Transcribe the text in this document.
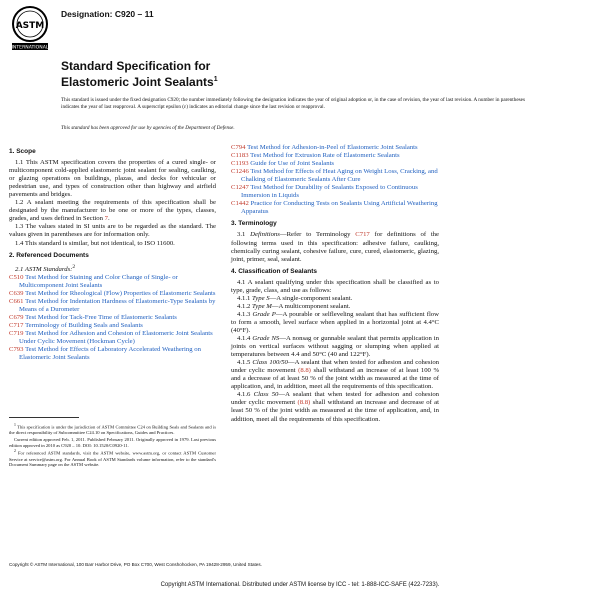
ASTM
INTERNATIONAL
Designation: C920 – 11
Standard Specification for
Elastomeric Joint Sealants$^1$
This standard is issued under the fixed designation C920; the number immediately following the designation indicates the year of original adoption or, in the case of revision, the year of last revision. A number in parentheses indicates the year of last reapproval. A superscript epsilon (ε) indicates an editorial change since the last revision or reapproval.
This standard has been approved for use by agencies of the Department of Defense.
1. Scope

1.1 This ASTM specification covers the properties of a cured single- or multicomponent cold-applied elastomeric joint sealant for sealing, caulking, or glazing operations on buildings, plazas, and decks for vehicular or pedestrian use, and types of construction other than highway and airfield pavements and bridges.

1.2 A sealant meeting the requirements of this specification shall be designated by the manufacturer to be one or more of the types, classes, grades, and uses defined in Section 7.

1.3 The values stated in SI units are to be regarded as the standard. The values given in parentheses are for information only.

1.4 This standard is similar, but not identical, to ISO 11600.

2. Referenced Documents

2.1 ASTM Standards:$^2$

C510 Test Method for Staining and Color Change of Single- or Multicomponent Joint Sealants

C639 Test Method for Rheological (Flow) Properties of Elastomeric Sealants

C661 Test Method for Indentation Hardness of Elastomeric-Type Sealants by Means of a Durometer

C679 Test Method for Tack-Free Time of Elastomeric Sealants

C717 Terminology of Building Seals and Sealants

C719 Test Method for Adhesion and Cohesion of Elastomeric Joint Sealants Under Cyclic Movement (Hockman Cycle)

C793 Test Method for Effects of Laboratory Accelerated Weathering on Elastomeric Joint Sealants

$^1$ This specification is under the jurisdiction of ASTM Committee C24 on Building Seals and Sealants and is the direct responsibility of Subcommittee C24.10 on Specifications, Guides and Practices.

Current edition approved Feb. 1, 2011. Published February 2011. Originally approved in 1979. Last previous edition approved in 2010 as C920 – 10. DOI: 10.1520/C0920-11.

$^2$ For referenced ASTM standards, visit the ASTM website, www.astm.org, or contact ASTM Customer Service at service@astm.org. For Annual Book of ASTM Standards volume information, refer to the standard's Document Summary page on the ASTM website.

C794 Test Method for Adhesion-in-Peel of Elastomeric Joint Sealants

C1183 Test Method for Extrusion Rate of Elastomeric Sealants

C1193 Guide for Use of Joint Sealants

C1246 Test Method for Effects of Heat Aging on Weight Loss, Cracking, and Chalking of Elastomeric Sealants After Cure

C1247 Test Method for Durability of Sealants Exposed to Continuous Immersion in Liquids

C1442 Practice for Conducting Tests on Sealants Using Artificial Weathering Apparatus

3. Terminology

3.1 Definitions—Refer to Terminology C717 for definitions of the following terms used in this specification: adhesive failure, caulking, chemically curing sealant, cohesive failure, cure, cured, elastomeric, glazing, joint, primer, seal, sealant.

4. Classification of Sealants

4.1 A sealant qualifying under this specification shall be classified as to type, grade, class, and use as follows:

4.1.1 Type S—A single-component sealant.

4.1.2 Type M—A multicomponent sealant.

4.1.3 Grade P—A pourable or selfleveling sealant that has sufficient flow to form a smooth, level surface when applied in a horizontal joint at 4.4°C (40°F).

4.1.4 Grade NS—A nonsag or gunnable sealant that permits application in joints on vertical surfaces without sagging or slumping when applied at temperatures between 4.4 and 50°C (40 and 122°F).

4.1.5 Class 100/50—A sealant that when tested for adhesion and cohesion under cyclic movement (8.8) shall withstand an increase of at least 100 % and a decrease of at least 50 % of the joint width as measured at the time of application, and, in addition, meet all the requirements of this specification.

4.1.6 Class 50—A sealant that when tested for adhesion and cohesion under cyclic movement (8.8) shall withstand an increase and decrease of at least 50 % of the joint width as measured at the time of application, and, in addition, meet all the requirements of this specification.

Copyright © ASTM International, 100 Barr Harbor Drive, PO Box C700, West Conshohocken, PA 19428-2959, United States.
Copyright ASTM International. Distributed under ASTM license by ICC - tel: 1-888-ICC-SAFE (422-7233).
